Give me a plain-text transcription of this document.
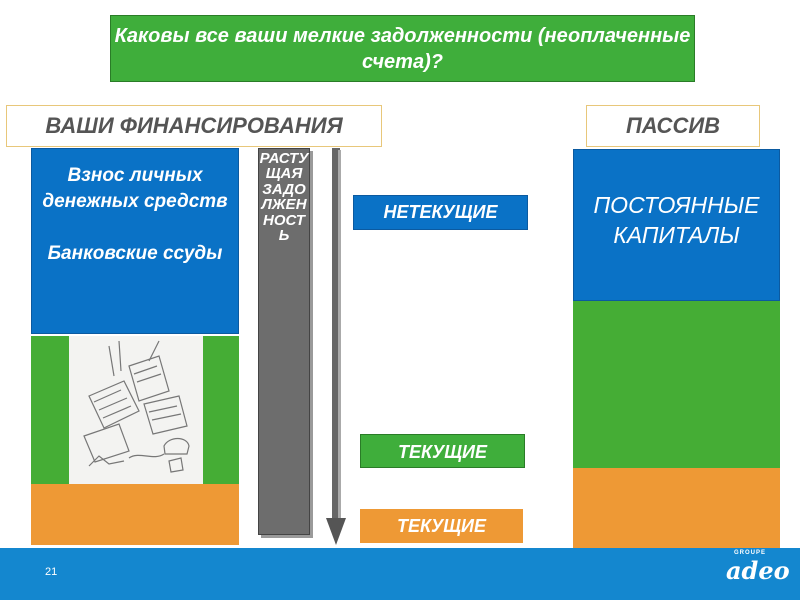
Каковы все ваши мелкие задолженности (неоплаченные счета)?
ВАШИ ФИНАНСИРОВАНИЯ
Взнос личных денежных средств

Банковские ссуды
РАСТУЩАЯ ЗАДОЛЖЕННОСТЬ
НЕТЕКУЩИЕ
ТЕКУЩИЕ
ТЕКУЩИЕ
ПАССИВ
ПОСТОЯННЫЕ КАПИТАЛЫ
21
GROUPE
adeo
